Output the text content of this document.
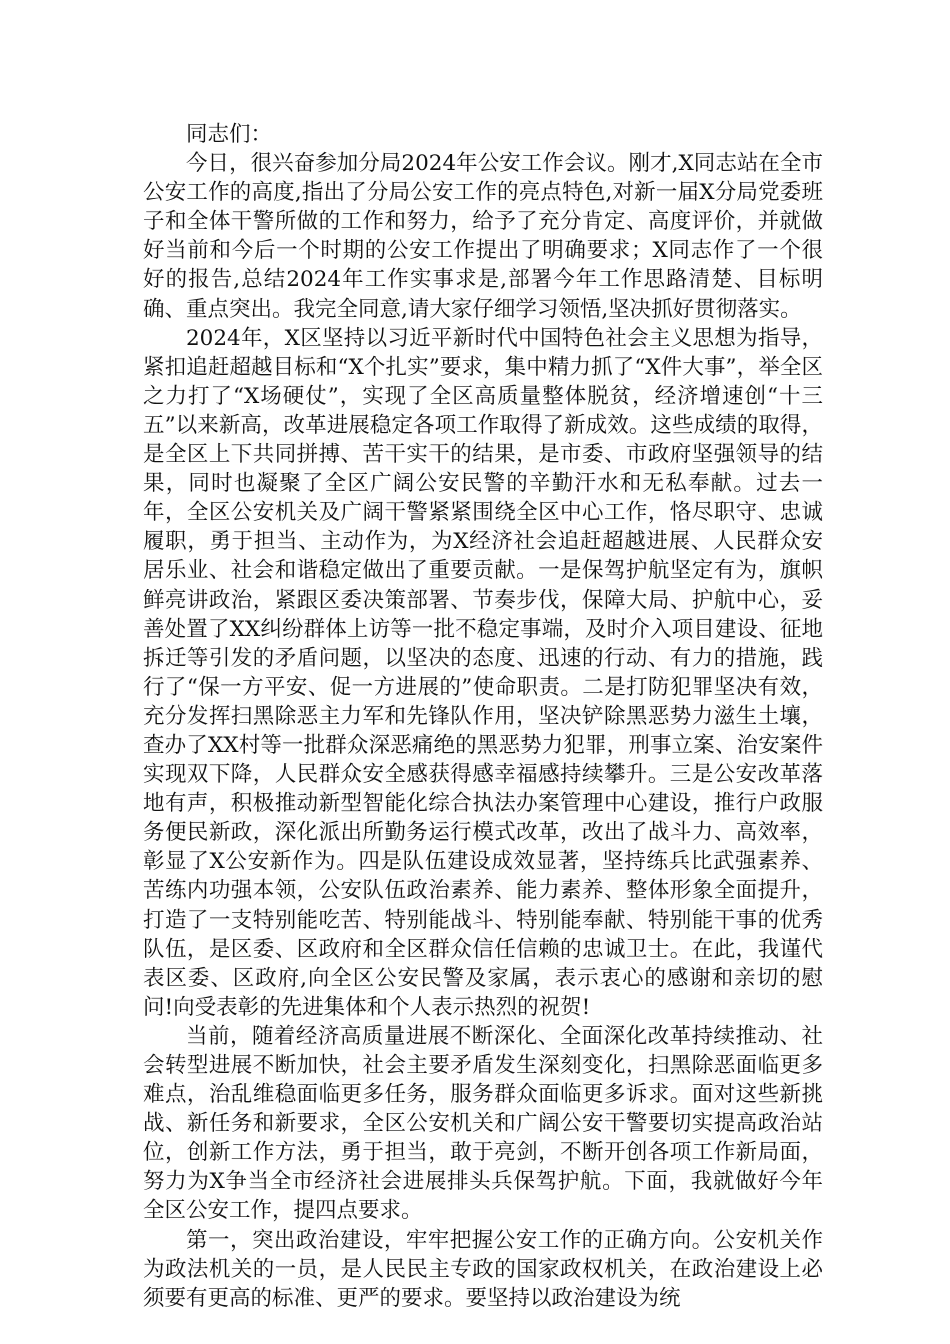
同志们：

今日，很兴奋参加分局2024年公安工作会议。刚才,X同志站在全市公安工作的高度,指出了分局公安工作的亮点特色,对新一届X分局党委班子和全体干警所做的工作和努力，给予了充分肯定、高度评价，并就做好当前和今后一个时期的公安工作提出了明确要求；X同志作了一个很好的报告,总结2024年工作实事求是,部署今年工作思路清楚、目标明确、重点突出。我完全同意,请大家仔细学习领悟,坚决抓好贯彻落实。

2024年，X区坚持以习近平新时代中国特色社会主义思想为指导，紧扣追赶超越目标和“X个扎实”要求，集中精力抓了“X件大事”，举全区之力打了“X场硬仗”，实现了全区高质量整体脱贫，经济增速创“十三五”以来新高，改革进展稳定各项工作取得了新成效。这些成绩的取得，是全区上下共同拼搏、苦干实干的结果，是市委、市政府坚强领导的结果，同时也凝聚了全区广阔公安民警的辛勤汗水和无私奉献。过去一年，全区公安机关及广阔干警紧紧围绕全区中心工作，恪尽职守、忠诚履职，勇于担当、主动作为，为X经济社会追赶超越进展、人民群众安居乐业、社会和谐稳定做出了重要贡献。一是保驾护航坚定有为，旗帜鲜亮讲政治，紧跟区委决策部署、节奏步伐，保障大局、护航中心，妥善处置了XX纠纷群体上访等一批不稳定事端，及时介入项目建设、征地拆迁等引发的矛盾问题，以坚决的态度、迅速的行动、有力的措施，践行了“保一方平安、促一方进展的”使命职责。二是打防犯罪坚决有效，充分发挥扫黑除恶主力军和先锋队作用，坚决铲除黑恶势力滋生土壤，查办了XX村等一批群众深恶痛绝的黑恶势力犯罪，刑事立案、治安案件实现双下降，人民群众安全感获得感幸福感持续攀升。三是公安改革落地有声，积极推动新型智能化综合执法办案管理中心建设，推行户政服务便民新政，深化派出所勤务运行模式改革，改出了战斗力、高效率，彰显了X公安新作为。四是队伍建设成效显著，坚持练兵比武强素养、苦练内功强本领，公安队伍政治素养、能力素养、整体形象全面提升，打造了一支特别能吃苦、特别能战斗、特别能奉献、特别能干事的优秀队伍，是区委、区政府和全区群众信任信赖的忠诚卫士。在此，我谨代表区委、区政府,向全区公安民警及家属，表示衷心的感谢和亲切的慰问!向受表彰的先进集体和个人表示热烈的祝贺!

当前，随着经济高质量进展不断深化、全面深化改革持续推动、社会转型进展不断加快，社会主要矛盾发生深刻变化，扫黑除恶面临更多难点，治乱维稳面临更多任务，服务群众面临更多诉求。面对这些新挑战、新任务和新要求，全区公安机关和广阔公安干警要切实提高政治站位，创新工作方法，勇于担当，敢于亮剑，不断开创各项工作新局面，努力为X争当全市经济社会进展排头兵保驾护航。下面，我就做好今年全区公安工作，提四点要求。

第一，突出政治建设，牢牢把握公安工作的正确方向。公安机关作为政法机关的一员，是人民民主专政的国家政权机关，在政治建设上必须要有更高的标准、更严的要求。要坚持以政治建设为统
